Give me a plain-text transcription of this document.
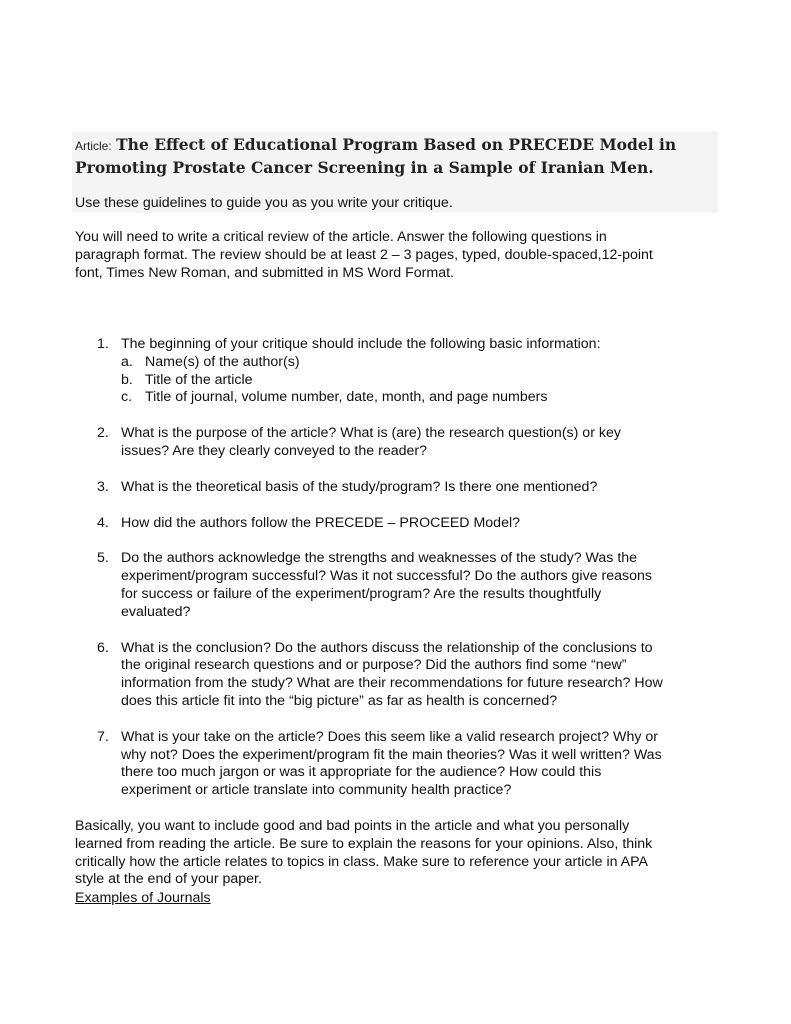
Article: The Effect of Educational Program Based on PRECEDE Model in
Promoting Prostate Cancer Screening in a Sample of Iranian Men.
Use these guidelines to guide you as you write your critique.
You will need to write a critical review of the article. Answer the following questions in
paragraph format. The review should be at least 2 – 3 pages, typed, double-spaced,12-point
font, Times New Roman, and submitted in MS Word Format.
1. The beginning of your critique should include the following basic information:
a. Name(s) of the author(s)
b. Title of the article
c. Title of journal, volume number, date, month, and page numbers
2. What is the purpose of the article? What is (are) the research question(s) or key
issues? Are they clearly conveyed to the reader?
3. What is the theoretical basis of the study/program? Is there one mentioned?
4. How did the authors follow the PRECEDE – PROCEED Model?
5. Do the authors acknowledge the strengths and weaknesses of the study? Was the
experiment/program successful? Was it not successful? Do the authors give reasons
for success or failure of the experiment/program? Are the results thoughtfully
evaluated?
6. What is the conclusion? Do the authors discuss the relationship of the conclusions to
the original research questions and or purpose? Did the authors find some “new”
information from the study? What are their recommendations for future research? How
does this article fit into the “big picture” as far as health is concerned?
7. What is your take on the article? Does this seem like a valid research project? Why or
why not? Does the experiment/program fit the main theories? Was it well written? Was
there too much jargon or was it appropriate for the audience? How could this
experiment or article translate into community health practice?
Basically, you want to include good and bad points in the article and what you personally
learned from reading the article. Be sure to explain the reasons for your opinions. Also, think
critically how the article relates to topics in class. Make sure to reference your article in APA
style at the end of your paper.
Examples of Journals
